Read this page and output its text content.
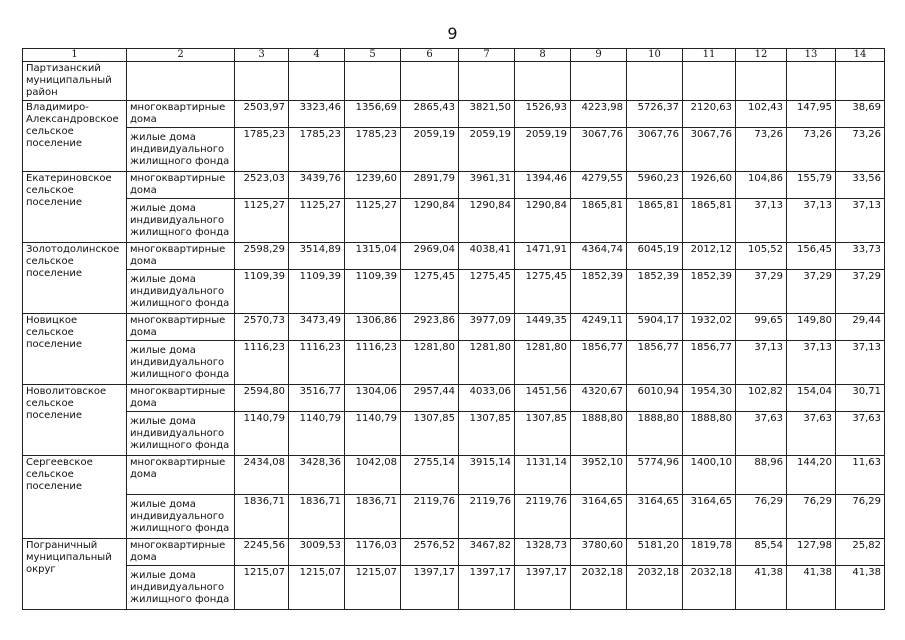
9
1	2	3	4	5	6	7	8	9	10	11	12	13	14
Партизанский муниципальный район													
Владимиро-Александровское сельское поселение	многоквартирные дома	2503,97	3323,46	1356,69	2865,43	3821,50	1526,93	4223,98	5726,37	2120,63	102,43	147,95	38,69
	жилые дома индивидуального жилищного фонда	1785,23	1785,23	1785,23	2059,19	2059,19	2059,19	3067,76	3067,76	3067,76	73,26	73,26	73,26
Екатериновское сельское поселение	многоквартирные дома	2523,03	3439,76	1239,60	2891,79	3961,31	1394,46	4279,55	5960,23	1926,60	104,86	155,79	33,56
	жилые дома индивидуального жилищного фонда	1125,27	1125,27	1125,27	1290,84	1290,84	1290,84	1865,81	1865,81	1865,81	37,13	37,13	37,13
Золотодолинское сельское поселение	многоквартирные дома	2598,29	3514,89	1315,04	2969,04	4038,41	1471,91	4364,74	6045,19	2012,12	105,52	156,45	33,73
	жилые дома индивидуального жилищного фонда	1109,39	1109,39	1109,39	1275,45	1275,45	1275,45	1852,39	1852,39	1852,39	37,29	37,29	37,29
Новицкое сельское поселение	многоквартирные дома	2570,73	3473,49	1306,86	2923,86	3977,09	1449,35	4249,11	5904,17	1932,02	99,65	149,80	29,44
	жилые дома индивидуального жилищного фонда	1116,23	1116,23	1116,23	1281,80	1281,80	1281,80	1856,77	1856,77	1856,77	37,13	37,13	37,13
Новолитовское сельское поселение	многоквартирные дома	2594,80	3516,77	1304,06	2957,44	4033,06	1451,56	4320,67	6010,94	1954,30	102,82	154,04	30,71
	жилые дома индивидуального жилищного фонда	1140,79	1140,79	1140,79	1307,85	1307,85	1307,85	1888,80	1888,80	1888,80	37,63	37,63	37,63
Сергеевское сельское поселение	многоквартирные дома	2434,08	3428,36	1042,08	2755,14	3915,14	1131,14	3952,10	5774,96	1400,10	88,96	144,20	11,63
	жилые дома индивидуального жилищного фонда	1836,71	1836,71	1836,71	2119,76	2119,76	2119,76	3164,65	3164,65	3164,65	76,29	76,29	76,29
Пограничный муниципальный округ	многоквартирные дома	2245,56	3009,53	1176,03	2576,52	3467,82	1328,73	3780,60	5181,20	1819,78	85,54	127,98	25,82
	жилые дома индивидуального жилищного фонда	1215,07	1215,07	1215,07	1397,17	1397,17	1397,17	2032,18	2032,18	2032,18	41,38	41,38	41,38
